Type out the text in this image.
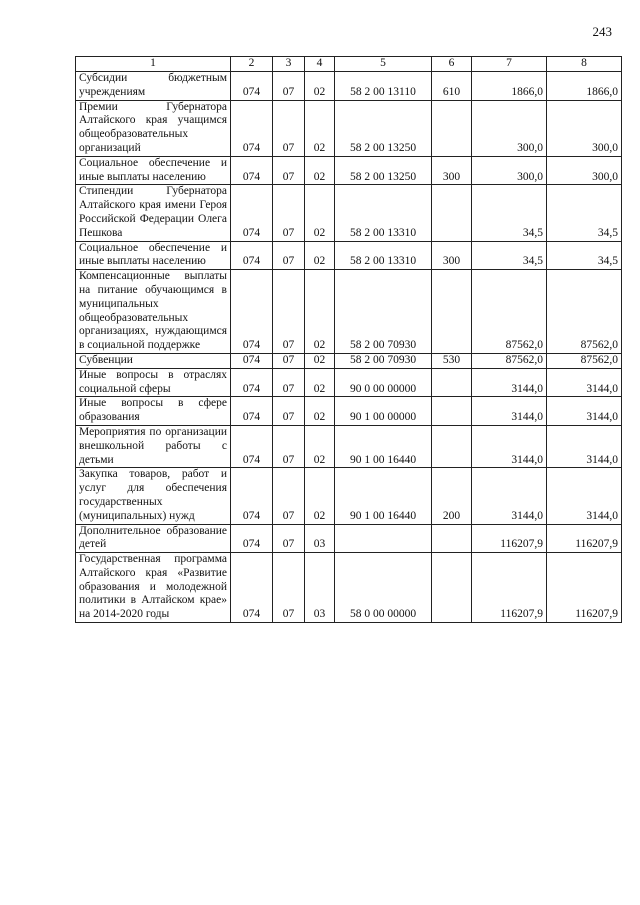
243
1	2	3	4	5	6	7	8
Субсидии бюджетным учреждениям	074	07	02	58 2 00 13110	610	1866,0	1866,0
Премии Губернатора Алтайского края учащимся общеобразовательных организаций	074	07	02	58 2 00 13250		300,0	300,0
Социальное обеспечение и иные выплаты населению	074	07	02	58 2 00 13250	300	300,0	300,0
Стипендии Губернатора Алтайского края имени Героя Российской Федерации Олега Пешкова	074	07	02	58 2 00 13310		34,5	34,5
Социальное обеспечение и иные выплаты населению	074	07	02	58 2 00 13310	300	34,5	34,5
Компенсационные выплаты на питание обучающимся в муниципальных общеобразовательных организациях, нуждающимся в социальной поддержке	074	07	02	58 2 00 70930		87562,0	87562,0
Субвенции	074	07	02	58 2 00 70930	530	87562,0	87562,0
Иные вопросы в отраслях социальной сферы	074	07	02	90 0 00 00000		3144,0	3144,0
Иные вопросы в сфере образования	074	07	02	90 1 00 00000		3144,0	3144,0
Мероприятия по организации внешкольной работы с детьми	074	07	02	90 1 00 16440		3144,0	3144,0
Закупка товаров, работ и услуг для обеспечения государственных (муниципальных) нужд	074	07	02	90 1 00 16440	200	3144,0	3144,0
Дополнительное образование детей	074	07	03			116207,9	116207,9
Государственная программа Алтайского края «Развитие образования и молодежной политики в Алтайском крае» на 2014-2020 годы	074	07	03	58 0 00 00000		116207,9	116207,9
